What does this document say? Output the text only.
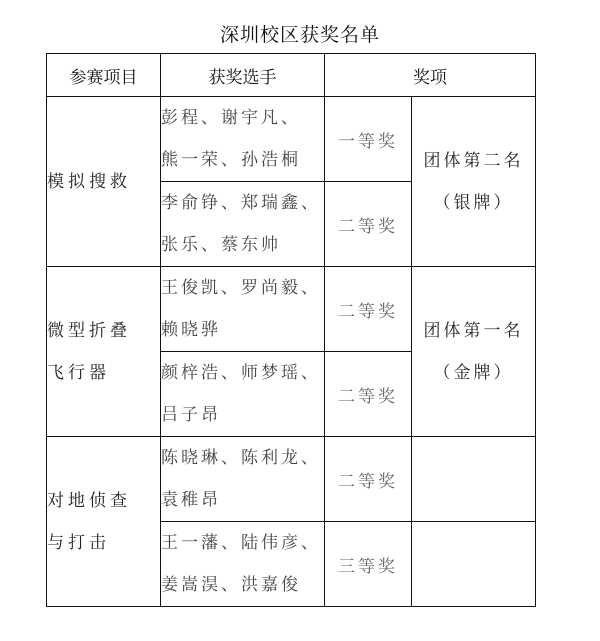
深圳校区获奖名单
参赛项目	获奖选手	奖项	

模拟搜救	彭程、谢宇凡、
熊一荣、孙浩桐	一等奖	团体第二名
（银牌）

	李俞铮、郑瑞鑫、
张乐、蔡东帅	二等奖	

微型折叠
飞行器	王俊凯、罗尚毅、
赖晓骅	二等奖	团体第一名
（金牌）

	颜梓浩、师梦瑶、
吕子昂	二等奖	

对地侦查
与打击	陈晓琳、陈利龙、
袁稚昂	二等奖	

	王一藩、陆伟彦、
姜嵩淏、洪嘉俊	三等奖	
